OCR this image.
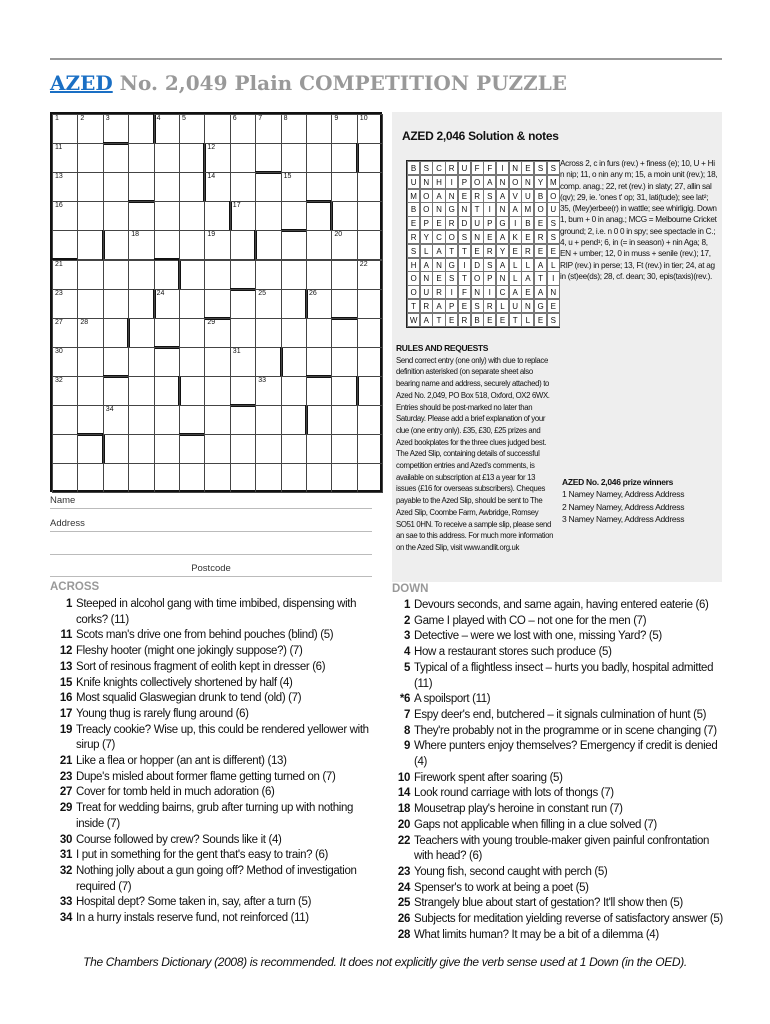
AZED No. 2,049 Plain COMPETITION PUZZLE
1	2	3	4	5	6	7	8	9	10
11	12
13	14	15
16	17
18	19	20
21	22
23	24	25	26
27	28	29
30	31
32	33
34
Name
Address
Postcode
AZED 2,046 Solution & notes
B S C R U F F	I	N E S S
U N H	I	P O A N O N Y M
M O A N E R S A V U B O
B O N G N T	I	N A M O U
E P E R D U P G	I	B E S
R Y C O S N E A K E R S
S L A T T E R Y E R E E
H A N G	I	D S A L	L A L
O N E S T O P N L A T	I
O U R	I	F N	I	C A E A N
T R A P E S R L U N G E
W A T E R B E E T	L E S
Across 2, c in furs (rev.) + finess (e); 10, U + Hi n nip; 11, o nin any m; 15, a moin unit (rev.); 18, comp. anag.; 22, ret (rev.) in slaty; 27, allin sal (qv); 29, ie. 'ones t' op; 31, lati(tude); see lat²; 35, (Mey)erbee(r) in wattle; see whirligig. Down 1, bum + 0 in anag.; MCG = Melbourne Cricket ground; 2, i.e. n 0 0 in spy; see spectacle in C.; 4, u + pend¹; 6, in (= in season) + nin Aga; 8, EN + umber; 12, 0 in muss + senile (rev.); 17, RIP (rev.) in perse; 13, Ft (rev.) in tier; 24, at ag in (st)ee(ds); 28, cf. dean; 30, epis(taxis)(rev.).
RULES AND REQUESTS
Send correct entry (one only) with clue to replace definition asterisked (on separate sheet also bearing name and address, securely attached) to Azed No. 2,049, PO Box 518, Oxford, OX2 6WX. Entries should be post-marked no later than Saturday. Please add a brief explanation of your clue (one entry only). £35, £30, £25 prizes and Azed bookplates for the three clues judged best. The Azed Slip, containing details of successful competition entries and Azed's comments, is available on subscription at £13 a year for 13 issues (£16 for overseas subscribers). Cheques payable to the Azed Slip, should be sent to The Azed Slip, Coombe Farm, Awbridge, Romsey SO51 0HN. To receive a sample slip, please send an sae to this address. For much more information on the Azed Slip, visit www.andlit.org.uk
AZED No. 2,046 prize winners
1 Namey Namey, Address Address
2 Namey Namey, Address Address
3 Namey Namey, Address Address
ACROSS
1 Steeped in alcohol gang with time imbibed, dispensing with corks? (11)
11 Scots man's drive one from behind pouches (blind) (5)
12 Fleshy hooter (might one jokingly suppose?) (7)
13 Sort of resinous fragment of eolith kept in dresser (6)
15 Knife knights collectively shortened by half (4)
16 Most squalid Glaswegian drunk to tend (old) (7)
17 Young thug is rarely flung around (6)
19 Treacly cookie? Wise up, this could be rendered yellower with sirup (7)
21 Like a flea or hopper (an ant is different) (13)
23 Dupe's misled about former flame getting turned on (7)
27 Cover for tomb held in much adoration (6)
29 Treat for wedding bairns, grub after turning up with nothing inside (7)
30 Course followed by crew? Sounds like it (4)
31 I put in something for the gent that's easy to train? (6)
32 Nothing jolly about a gun going off? Method of investigation required (7)
33 Hospital dept? Some taken in, say, after a turn (5)
34 In a hurry instals reserve fund, not reinforced (11)
DOWN
1 Devours seconds, and same again, having entered eaterie (6)
2 Game I played with CO – not one for the men (7)
3 Detective – were we lost with one, missing Yard? (5)
4 How a restaurant stores such produce (5)
5 Typical of a flightless insect – hurts you badly, hospital admitted (11)
*6 A spoilsport (11)
7 Espy deer's end, butchered – it signals culmination of hunt (5)
8 They're probably not in the programme or in scene changing (7)
9 Where punters enjoy themselves? Emergency if credit is denied (4)
10 Firework spent after soaring (5)
14 Look round carriage with lots of thongs (7)
18 Mousetrap play's heroine in constant run (7)
20 Gaps not applicable when filling in a clue solved (7)
22 Teachers with young trouble-maker given painful confrontation with head? (6)
23 Young fish, second caught with perch (5)
24 Spenser's to work at being a poet (5)
25 Strangely blue about start of gestation? It'll show then (5)
26 Subjects for meditation yielding reverse of satisfactory answer (5)
28 What limits human? It may be a bit of a dilemma (4)
The Chambers Dictionary (2008) is recommended. It does not explicitly give the verb sense used at 1 Down (in the OED).
